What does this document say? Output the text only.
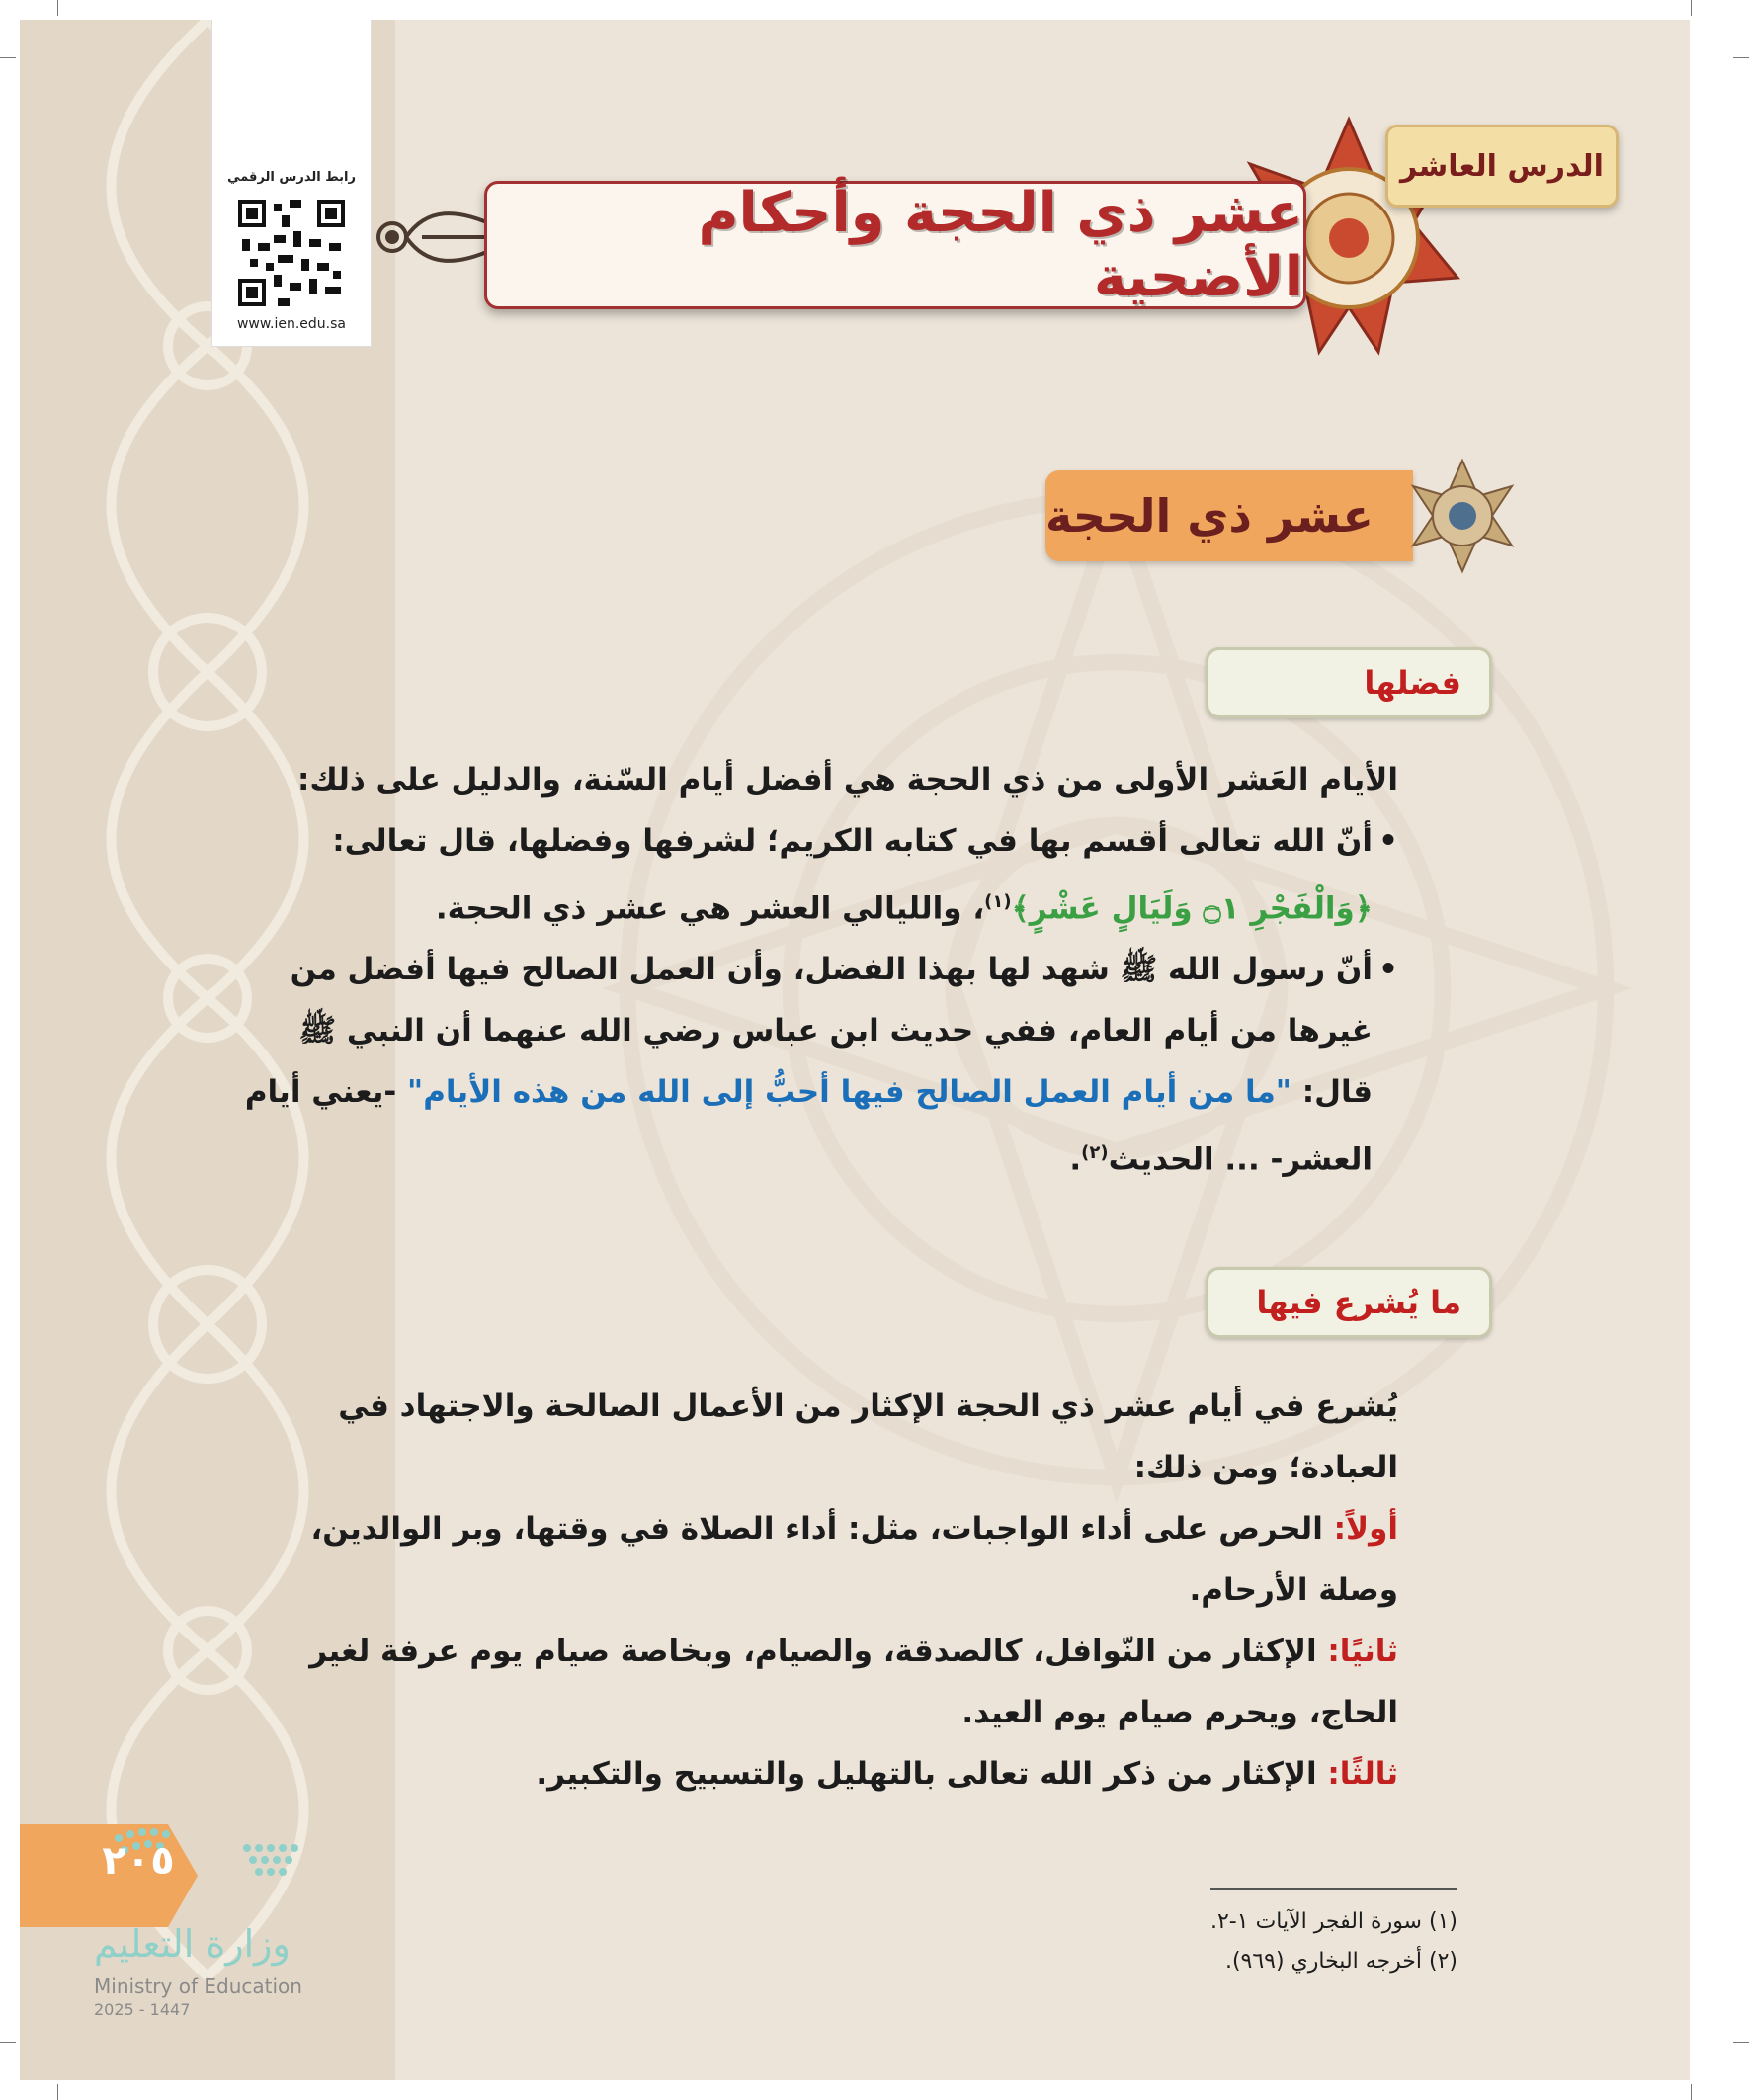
رابط الدرس الرقمي
www.ien.edu.sa
عشر ذي الحجة وأحكام الأضحية
الدرس العاشر
عشر ذي الحجة
فضلها

الأيام العَشر الأولى من ذي الحجة هي أفضل أيام السّنة، والدليل على ذلك:

• أنّ الله تعالى أقسم بها في كتابه الكريم؛ لشرفها وفضلها، قال تعالى: ﴿وَالْفَجْرِ ۝١ وَلَيَالٍ عَشْرٍ﴾$^{(١)}$، والليالي العشر هي عشر ذي الحجة.
• أنّ رسول الله ﷺ شهد لها بهذا الفضل، وأن العمل الصالح فيها أفضل من غيرها من أيام العام، ففي حديث ابن عباس رضي الله عنهما أن النبي ﷺ قال: "ما من أيام العمل الصالح فيها أحبُّ إلى الله من هذه الأيام" -يعني أيام العشر- ... الحديث$^{(٢)}$.
ما يُشرع فيها

يُشرع في أيام عشر ذي الحجة الإكثار من الأعمال الصالحة والاجتهاد في العبادة؛ ومن ذلك:

أولاً: الحرص على أداء الواجبات، مثل: أداء الصلاة في وقتها، وبر الوالدين، وصلة الأرحام.

ثانيًا: الإكثار من النّوافل، كالصدقة، والصيام، وبخاصة صيام يوم عرفة لغير الحاج، ويحرم صيام يوم العيد.

ثالثًا: الإكثار من ذكر الله تعالى بالتهليل والتسبيح والتكبير.

(١) سورة الفجر الآيات ١-٢.
(٢) أخرجه البخاري (٩٦٩).
٢٠٥
وزارة التعليم
Ministry of Education
2025 - 1447
